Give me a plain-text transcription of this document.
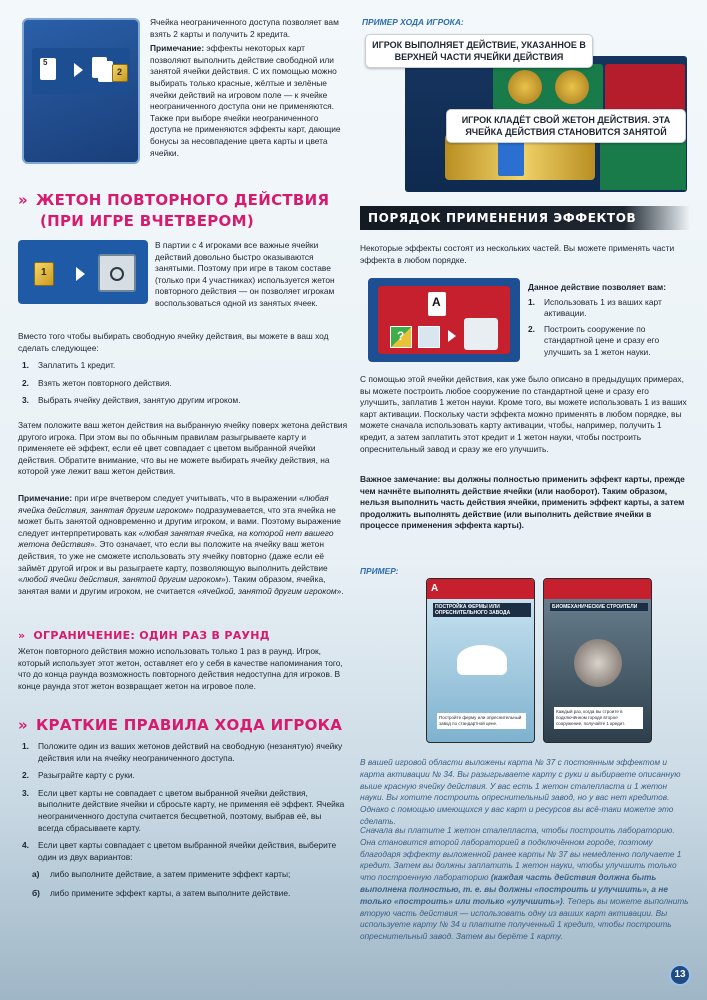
5
2
Ячейка неограниченного доступа позволяет вам взять 2 карты и получить 2 кредита.
Примечание: эффекты некоторых карт позволяют выполнить действие свободной или занятой ячейки действия. С их помощью можно выбирать только красные, жёлтые и зелёные ячейки действий на игровом поле — к ячейке неограниченного доступа они не применяются. Также при выборе ячейки неограниченного доступа не применяются эффекты карт, дающие бонусы за несовпадение цвета карты и цвета ячейки.
» ЖЕТОН ПОВТОРНОГО ДЕЙСТВИЯ
(ПРИ ИГРЕ ВЧЕТВЕРОМ)
1
В партии с 4 игроками все важные ячейки действий довольно быстро оказываются занятыми. Поэтому при игре в таком составе (только при 4 участниках) используется жетон повторного действия — он позволяет игрокам воспользоваться одной из занятых ячеек.
Вместо того чтобы выбирать свободную ячейку действия, вы можете в ваш ход сделать следующее:
1.	Заплатить 1 кредит.
2.	Взять жетон повторного действия.
3.	Выбрать ячейку действия, занятую другим игроком.
Затем положите ваш жетон действия на выбранную ячейку поверх жетона действия другого игрока. При этом вы по обычным правилам разыгрываете карту и применяете её эффект, если её цвет совпадает с цветом выбранной ячейки действия. Обратите внимание, что вы не можете выбирать ячейку действия, на которой уже лежит ваш жетон действия.
Примечание: при игре вчетвером следует учитывать, что в выражении «любая ячейка действия, занятая другим игроком» подразумевается, что эта ячейка не может быть занятой одновременно и другим игроком, и вами. Поэтому выражение следует интерпретировать как «любая занятая ячейка, на которой нет вашего жетона действия». Это означает, что если вы положите на ячейку ваш жетон действия, то уже не сможете использовать эту ячейку повторно (даже если её займёт другой игрок и вы разыграете карту, позволяющую выполнить действие «любой ячейки действия, занятой другим игроком»). Таким образом, ячейка, занятая вами и другим игроком, не считается «ячейкой, занятой другим игроком».
» ОГРАНИЧЕНИЕ: ОДИН РАЗ В РАУНД
Жетон повторного действия можно использовать только 1 раз в раунд. Игрок, который использует этот жетон, оставляет его у себя в качестве напоминания того, что до конца раунда возможность повторного действия недоступна для игроков. В конце раунда этот жетон возвращает жетон на игровое поле.
» КРАТКИЕ ПРАВИЛА ХОДА ИГРОКА
1.	Положите один из ваших жетонов действий на свободную (незанятую) ячейку действия или на ячейку неограниченного доступа.
2.	Разыграйте карту с руки.
3.	Если цвет карты не совпадает с цветом выбранной ячейки действия, выполните действие ячейки и сбросьте карту, не применяя её эффект. Ячейка неограниченного доступа считается бесцветной, поэтому, выбрав её, вы всегда сбрасываете карту.
4.	Если цвет карты совпадает с цветом выбранной ячейки действия, выберите один из двух вариантов:
а)	либо выполните действие, а затем примените эффект карты;
б)	либо примените эффект карты, а затем выполните действие.
ПРИМЕР ХОДА ИГРОКА:
ИГРОК ВЫПОЛНЯЕТ ДЕЙСТВИЕ, УКАЗАННОЕ В ВЕРХНЕЙ ЧАСТИ ЯЧЕЙКИ ДЕЙСТВИЯ
ИГРОК КЛАДЁТ СВОЙ ЖЕТОН ДЕЙСТВИЯ. ЭТА ЯЧЕЙКА ДЕЙСТВИЯ СТАНОВИТСЯ ЗАНЯТОЙ
ПОРЯДОК ПРИМЕНЕНИЯ ЭФФЕКТОВ
Некоторые эффекты состоят из нескольких частей. Вы можете применять части эффекта в любом порядке.
A
?
Данное действие позволяет вам:
1.	Использовать 1 из ваших карт активации.
2.	Построить сооружение по стандартной цене и сразу его улучшить за 1 жетон науки.
С помощью этой ячейки действия, как уже было описано в предыдущих примерах, вы можете построить любое сооружение по стандартной цене и сразу его улучшить, заплатив 1 жетон науки. Кроме того, вы можете использовать 1 из ваших карт активации. Поскольку части эффекта можно применять в любом порядке, вы можете сначала использовать карту активации, чтобы, например, получить 1 кредит, а затем заплатить этот кредит и 1 жетон науки, чтобы построить опреснительный завод и сразу же его улучшить.
Важное замечание: вы должны полностью применить эффект карты, прежде чем начнёте выполнять действие ячейки (или наоборот). Таким образом, нельзя выполнить часть действия ячейки, применить эффект карты, а затем продолжить выполнять действие (или выполнить действие ячейки в процессе применения эффекта карты).
ПРИМЕР:
A
ПОСТРОЙКА ФЕРМЫ ИЛИ ОПРЕСНИТЕЛЬНОГО ЗАВОДА
Постройте ферму или опреснительный завод по стандартной цене.
БИОМЕХАНИЧЕСКИЕ СТРОИТЕЛИ
Каждый раз, когда вы строите в подключённом городе второе сооружение, получайте 1 кредит.
В вашей игровой области выложены карта № 37 с постоянным эффектом и карта активации № 34. Вы разыгрываете карту с руки и выбираете описанную выше красную ячейку действия. У вас есть 1 жетон сталепласта и 1 жетон науки. Вы хотите построить опреснительный завод, но у вас нет кредитов. Однако с помощью имеющихся у вас карт и ресурсов вы всё-таки можете это сделать.
Сначала вы платите 1 жетон сталепласта, чтобы построить лабораторию. Она становится второй лабораторией в подключённом городе, поэтому благодаря эффекту выложенной ранее карты № 37 вы немедленно получаете 1 кредит. Затем вы должны заплатить 1 жетон науки, чтобы улучшить только что построенную лабораторию (каждая часть действия должна быть выполнена полностью, т. е. вы должны «построить и улучшить», а не только «построить» или только «улучшить»). Теперь вы можете выполнить вторую часть действия — использовать одну из ваших карт активации. Вы используете карту № 34 и платите полученный 1 кредит, чтобы построить опреснительный завод. Затем вы берёте 1 карту.
13
